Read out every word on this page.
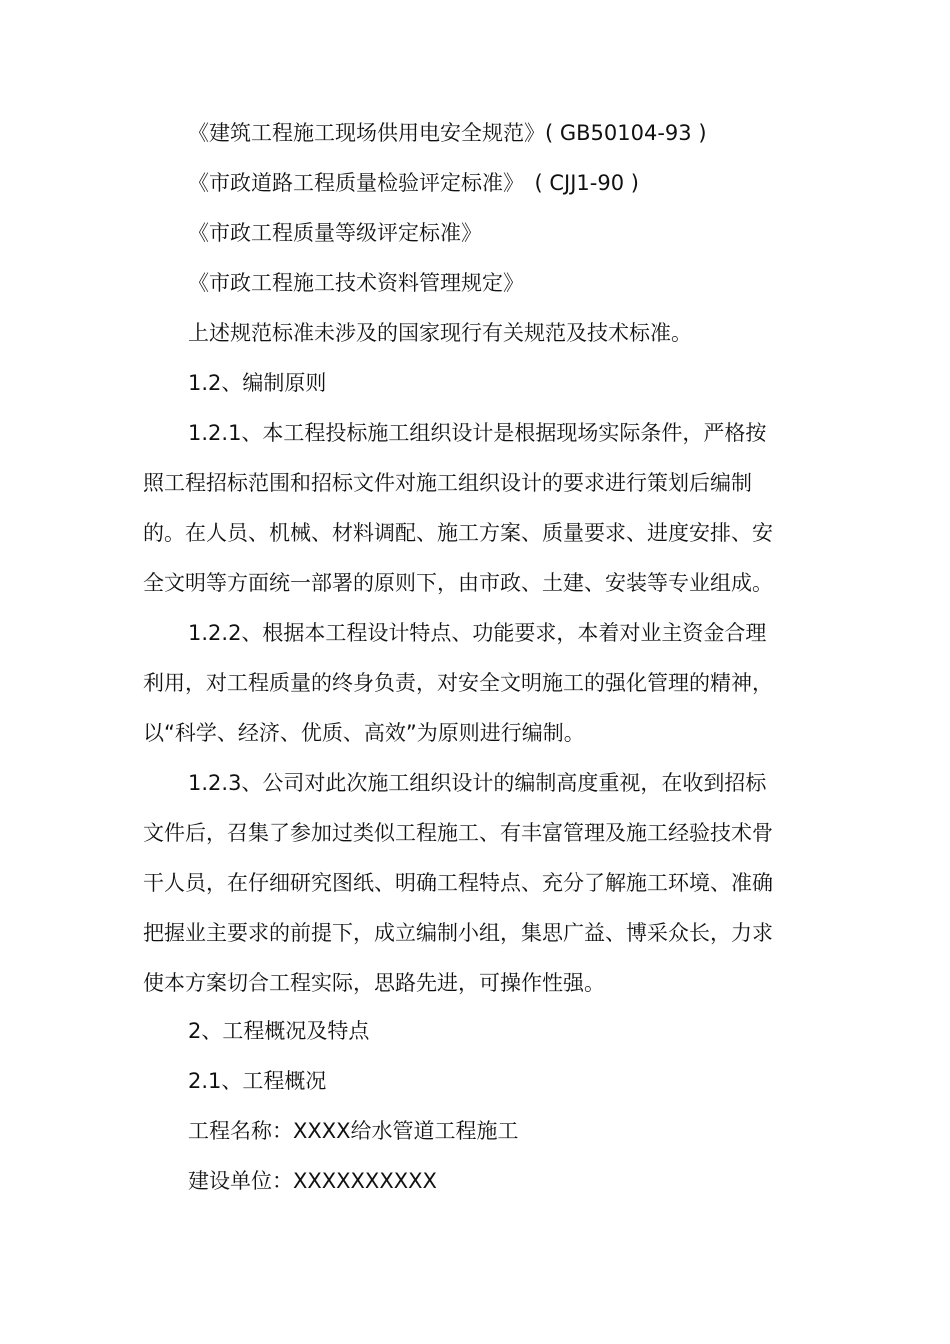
《建筑工程施工现场供用电安全规范》( GB50104-93 )
《市政道路工程质量检验评定标准》　( CJJ1-90 )
《市政工程质量等级评定标准》
《市政工程施工技术资料管理规定》
上述规范标准未涉及的国家现行有关规范及技术标准。
1.2、编制原则
1.2.1、本工程投标施工组织设计是根据现场实际条件，严格按
照工程招标范围和招标文件对施工组织设计的要求进行策划后编制
的。在人员、机械、材料调配、施工方案、质量要求、进度安排、安
全文明等方面统一部署的原则下，由市政、土建、安装等专业组成。
1.2.2、根据本工程设计特点、功能要求，本着对业主资金合理
利用，对工程质量的终身负责，对安全文明施工的强化管理的精神，
以“科学、经济、优质、高效”为原则进行编制。
1.2.3、公司对此次施工组织设计的编制高度重视，在收到招标
文件后，召集了参加过类似工程施工、有丰富管理及施工经验技术骨
干人员，在仔细研究图纸、明确工程特点、充分了解施工环境、准确
把握业主要求的前提下，成立编制小组，集思广益、博采众长，力求
使本方案切合工程实际，思路先进，可操作性强。
2、工程概况及特点
2.1、工程概况
工程名称：XXXX给水管道工程施工
建设单位：XXXXXXXXXX
